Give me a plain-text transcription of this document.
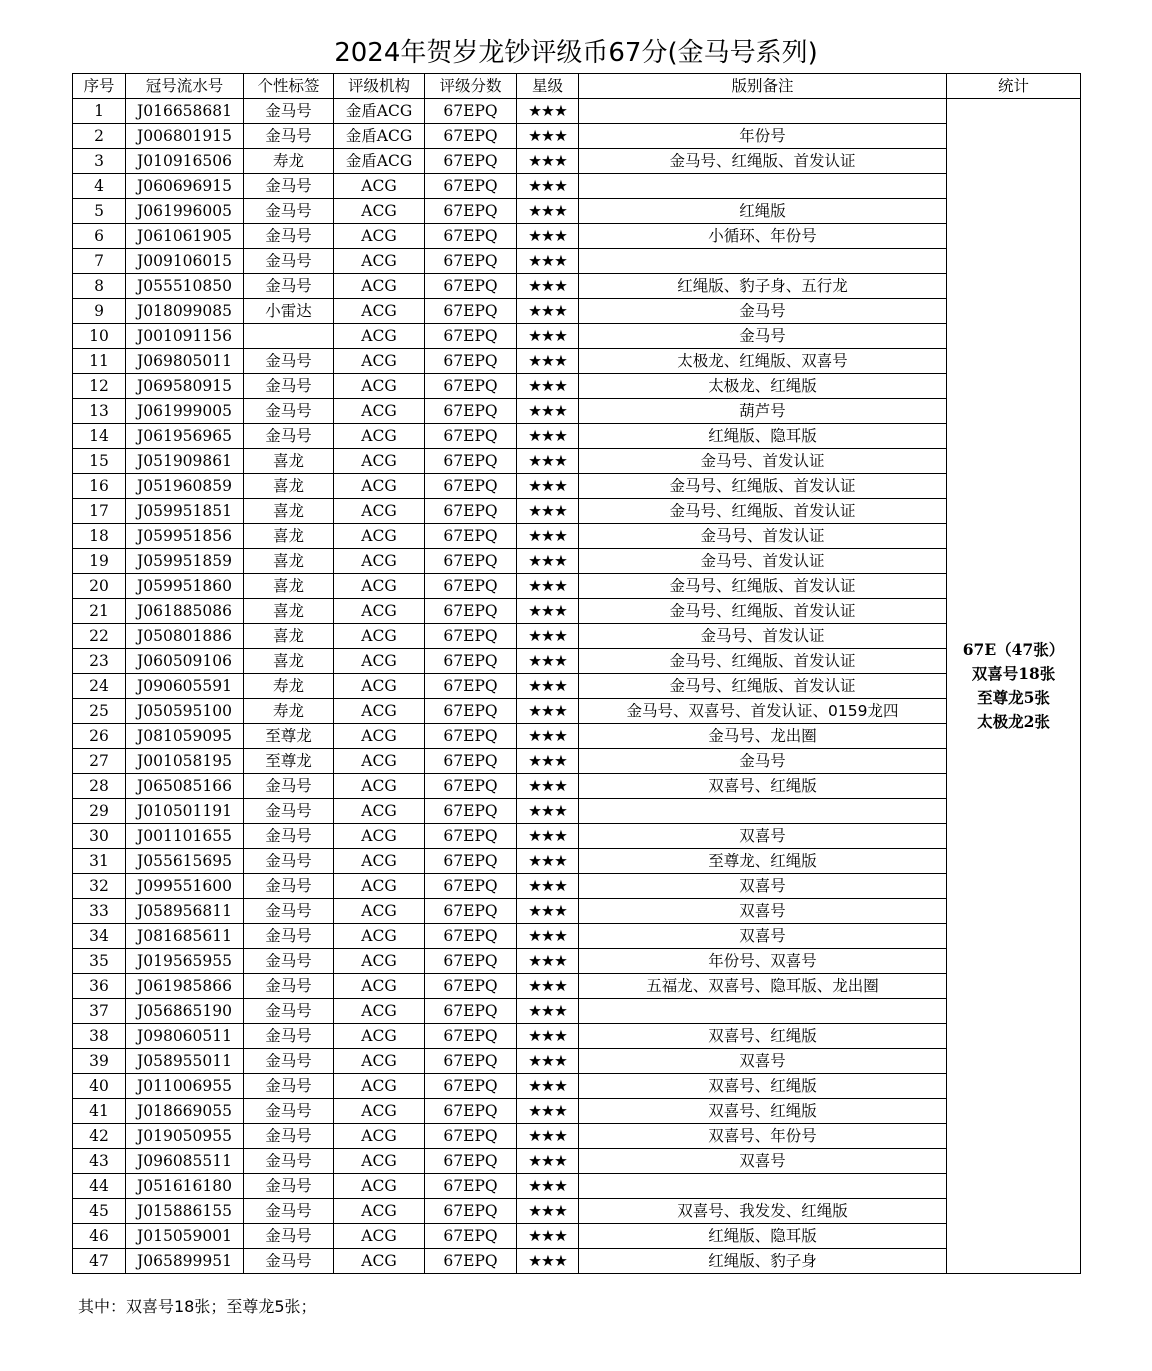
2024年贺岁龙钞评级币67分(金马号系列)
序号	冠号流水号	个性标签	评级机构	评级分数	星级	版别备注	统计
1	J016658681	金马号	金盾ACG	67EPQ	★★★		67E（47张）
双喜号18张
至尊龙5张
太极龙2张

2	J006801915	金马号	金盾ACG	67EPQ	★★★	年份号	
3	J010916506	寿龙	金盾ACG	67EPQ	★★★	金马号、红绳版、首发认证	
4	J060696915	金马号	ACG	67EPQ	★★★		
5	J061996005	金马号	ACG	67EPQ	★★★	红绳版	
6	J061061905	金马号	ACG	67EPQ	★★★	小循环、年份号	
7	J009106015	金马号	ACG	67EPQ	★★★		
8	J055510850	金马号	ACG	67EPQ	★★★	红绳版、豹子身、五行龙	
9	J018099085	小雷达	ACG	67EPQ	★★★	金马号	
10	J001091156		ACG	67EPQ	★★★	金马号	
11	J069805011	金马号	ACG	67EPQ	★★★	太极龙、红绳版、双喜号	
12	J069580915	金马号	ACG	67EPQ	★★★	太极龙、红绳版	
13	J061999005	金马号	ACG	67EPQ	★★★	葫芦号	
14	J061956965	金马号	ACG	67EPQ	★★★	红绳版、隐耳版	
15	J051909861	喜龙	ACG	67EPQ	★★★	金马号、首发认证	
16	J051960859	喜龙	ACG	67EPQ	★★★	金马号、红绳版、首发认证	
17	J059951851	喜龙	ACG	67EPQ	★★★	金马号、红绳版、首发认证	
18	J059951856	喜龙	ACG	67EPQ	★★★	金马号、首发认证	
19	J059951859	喜龙	ACG	67EPQ	★★★	金马号、首发认证	
20	J059951860	喜龙	ACG	67EPQ	★★★	金马号、红绳版、首发认证	
21	J061885086	喜龙	ACG	67EPQ	★★★	金马号、红绳版、首发认证	
22	J050801886	喜龙	ACG	67EPQ	★★★	金马号、首发认证	
23	J060509106	喜龙	ACG	67EPQ	★★★	金马号、红绳版、首发认证	
24	J090605591	寿龙	ACG	67EPQ	★★★	金马号、红绳版、首发认证	
25	J050595100	寿龙	ACG	67EPQ	★★★	金马号、双喜号、首发认证、0159龙四	
26	J081059095	至尊龙	ACG	67EPQ	★★★	金马号、龙出圈	
27	J001058195	至尊龙	ACG	67EPQ	★★★	金马号	
28	J065085166	金马号	ACG	67EPQ	★★★	双喜号、红绳版	
29	J010501191	金马号	ACG	67EPQ	★★★		
30	J001101655	金马号	ACG	67EPQ	★★★	双喜号	
31	J055615695	金马号	ACG	67EPQ	★★★	至尊龙、红绳版	
32	J099551600	金马号	ACG	67EPQ	★★★	双喜号	
33	J058956811	金马号	ACG	67EPQ	★★★	双喜号	
34	J081685611	金马号	ACG	67EPQ	★★★	双喜号	
35	J019565955	金马号	ACG	67EPQ	★★★	年份号、双喜号	
36	J061985866	金马号	ACG	67EPQ	★★★	五福龙、双喜号、隐耳版、龙出圈	
37	J056865190	金马号	ACG	67EPQ	★★★		
38	J098060511	金马号	ACG	67EPQ	★★★	双喜号、红绳版	
39	J058955011	金马号	ACG	67EPQ	★★★	双喜号	
40	J011006955	金马号	ACG	67EPQ	★★★	双喜号、红绳版	
41	J018669055	金马号	ACG	67EPQ	★★★	双喜号、红绳版	
42	J019050955	金马号	ACG	67EPQ	★★★	双喜号、年份号	
43	J096085511	金马号	ACG	67EPQ	★★★	双喜号	
44	J051616180	金马号	ACG	67EPQ	★★★		
45	J015886155	金马号	ACG	67EPQ	★★★	双喜号、我发发、红绳版	
46	J015059001	金马号	ACG	67EPQ	★★★	红绳版、隐耳版	
47	J065899951	金马号	ACG	67EPQ	★★★	红绳版、豹子身	
其中：双喜号18张；至尊龙5张；
